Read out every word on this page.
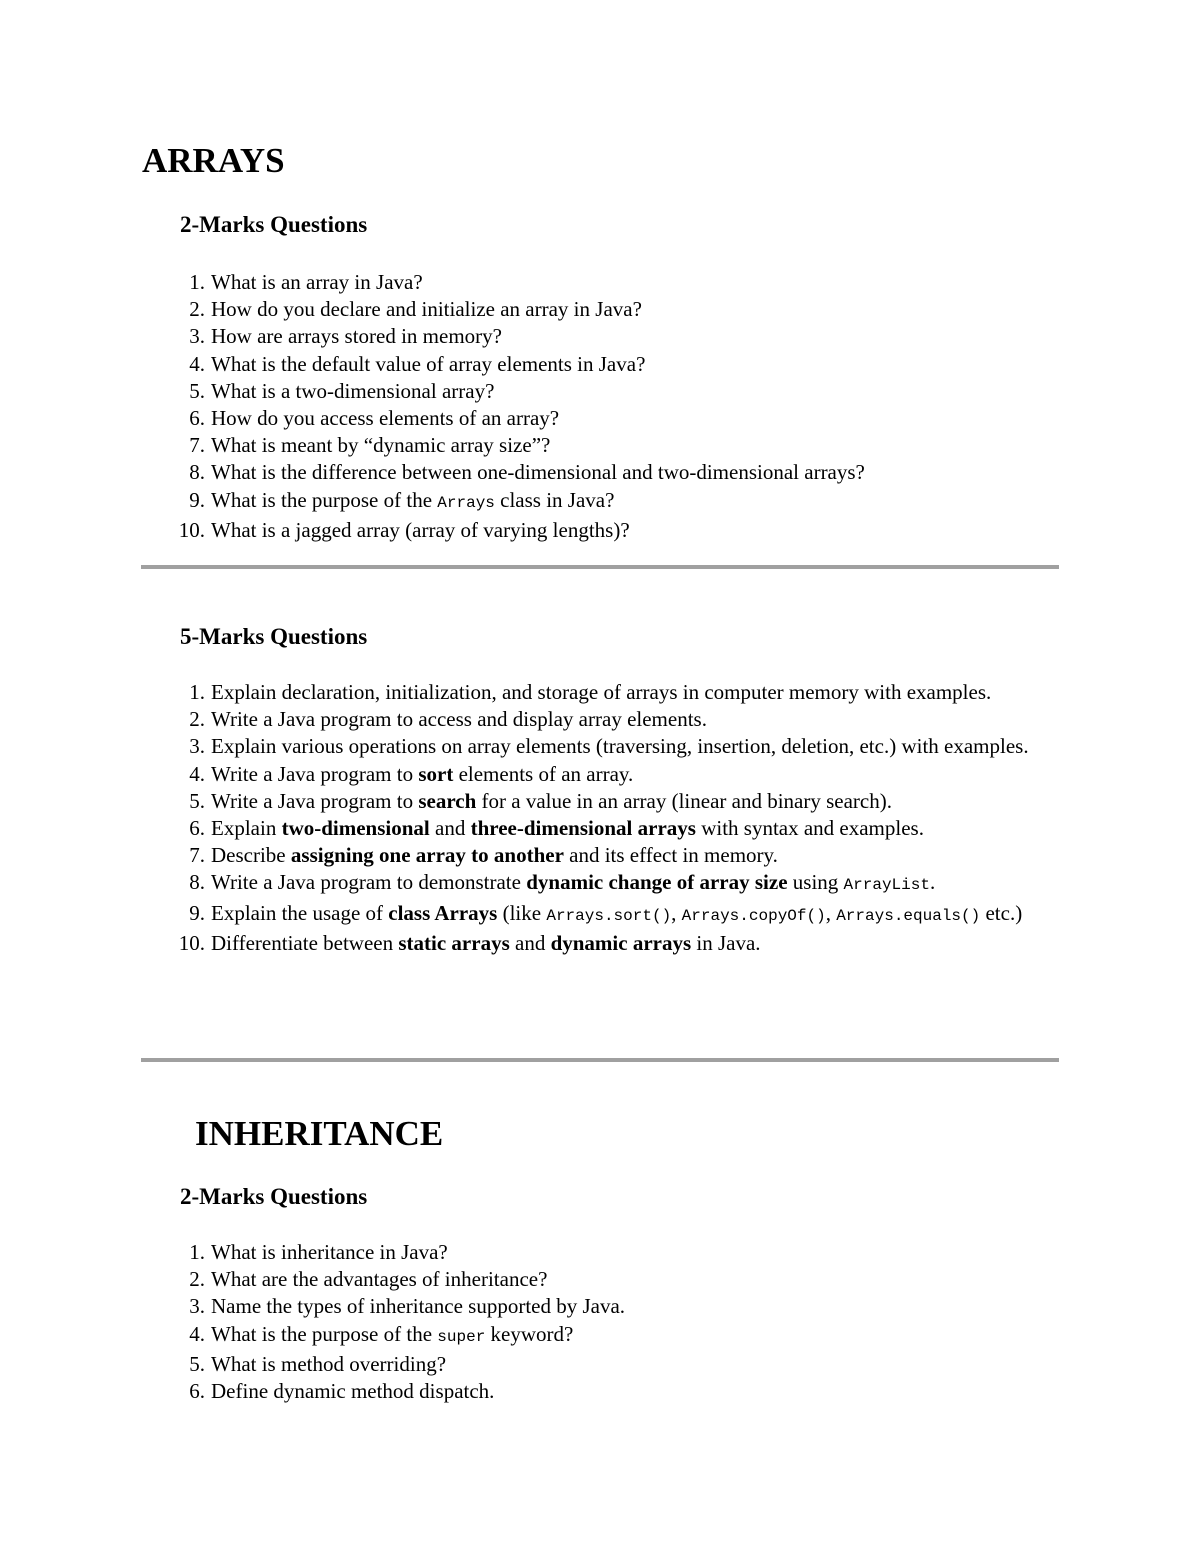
ARRAYS
2-Marks Questions
1. What is an array in Java?
2. How do you declare and initialize an array in Java?
3. How are arrays stored in memory?
4. What is the default value of array elements in Java?
5. What is a two-dimensional array?
6. How do you access elements of an array?
7. What is meant by “dynamic array size”?
8. What is the difference between one-dimensional and two-dimensional arrays?
9. What is the purpose of the Arrays class in Java?
10. What is a jagged array (array of varying lengths)?
5-Marks Questions
1. Explain declaration, initialization, and storage of arrays in computer memory with examples.
2. Write a Java program to access and display array elements.
3. Explain various operations on array elements (traversing, insertion, deletion, etc.) with examples.
4. Write a Java program to sort elements of an array.
5. Write a Java program to search for a value in an array (linear and binary search).
6. Explain two-dimensional and three-dimensional arrays with syntax and examples.
7. Describe assigning one array to another and its effect in memory.
8. Write a Java program to demonstrate dynamic change of array size using ArrayList.
9. Explain the usage of class Arrays (like Arrays.sort(), Arrays.copyOf(), Arrays.equals() etc.)
10. Differentiate between static arrays and dynamic arrays in Java.
INHERITANCE
2-Marks Questions
1. What is inheritance in Java?
2. What are the advantages of inheritance?
3. Name the types of inheritance supported by Java.
4. What is the purpose of the super keyword?
5. What is method overriding?
6. Define dynamic method dispatch.
